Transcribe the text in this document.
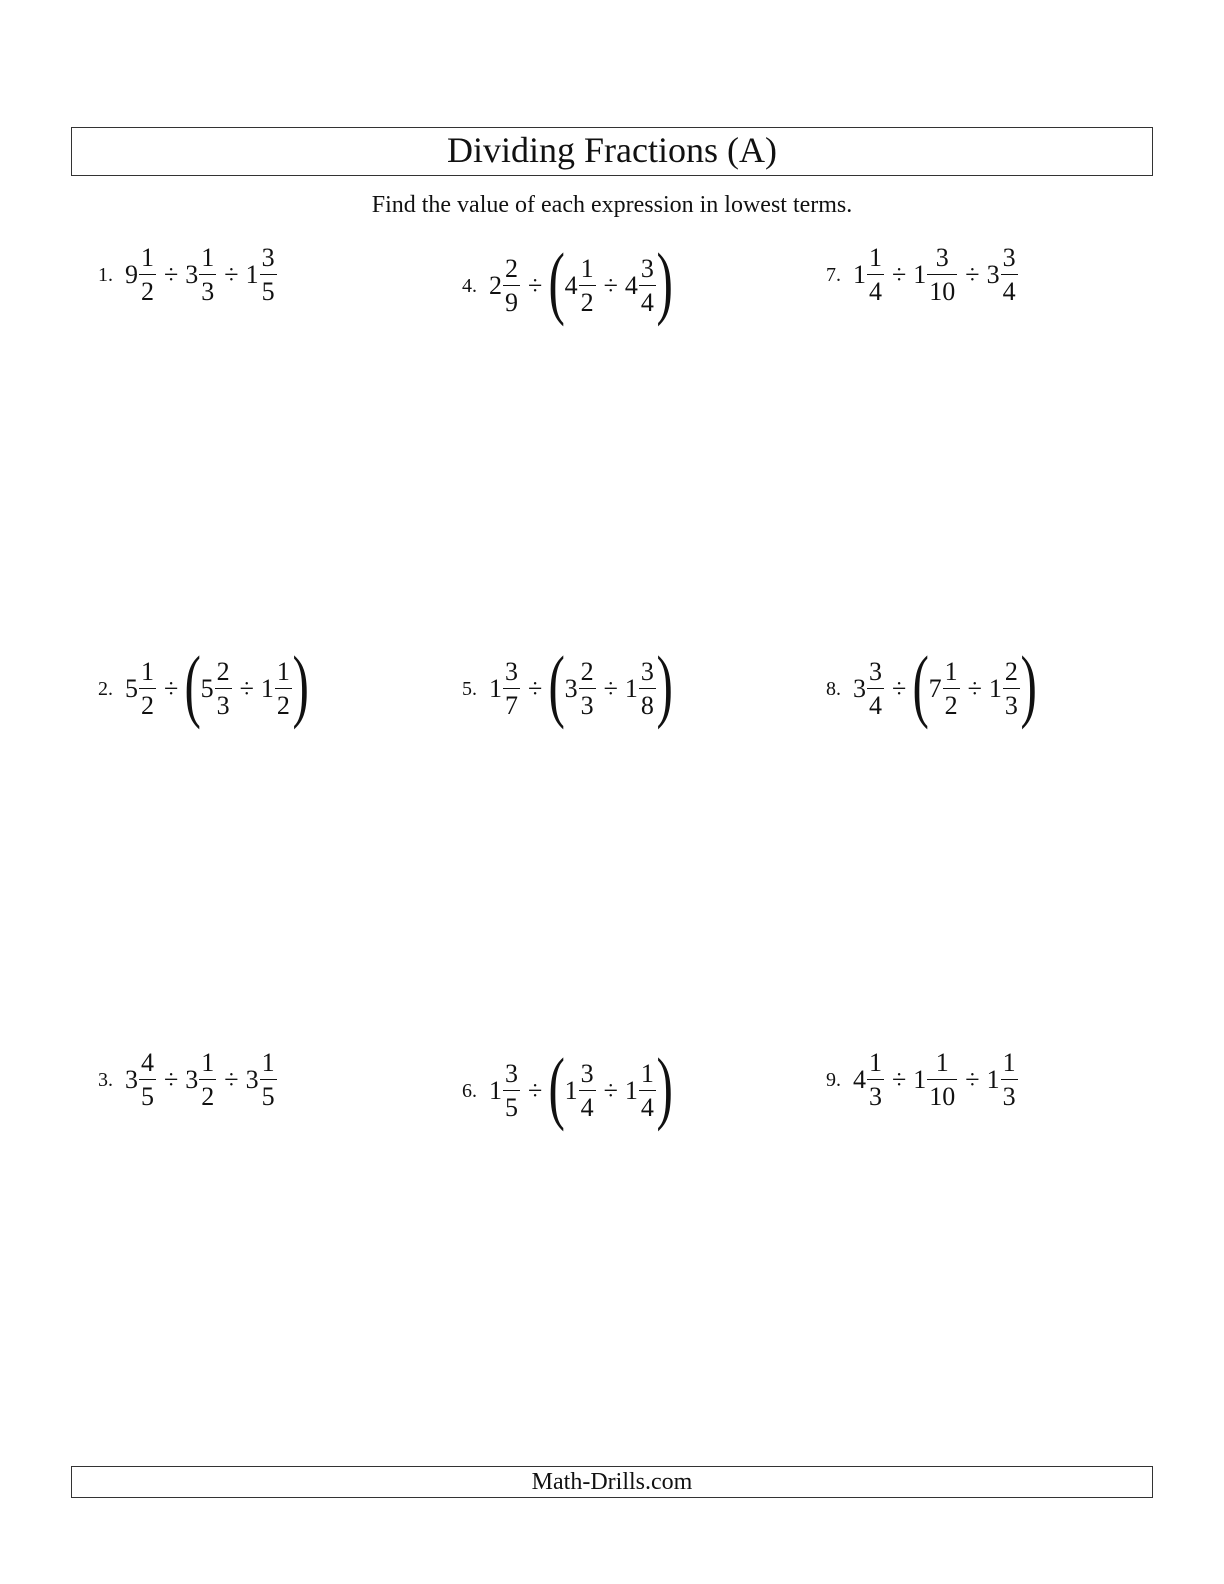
Dividing Fractions (A)
Find the value of each expression in lowest terms.
1. $9 \frac{1}{2} \div 3 \frac{1}{3} \div 1 \frac{3}{5}$
2. $5 \frac{1}{2}$ ÷ ( $5 \frac{2}{3} \div 1 \frac{1}{2}$ )
3. $3 \frac{4}{5} \div 3 \frac{1}{2} \div 3 \frac{1}{5}$
4. $2 \frac{2}{9}$ ÷ ( $4 \frac{1}{2} \div 4 \frac{3}{4}$ )
5. $1 \frac{3}{7}$ ÷ ( $3 \frac{2}{3} \div 1 \frac{3}{8}$ )
6. $1 \frac{3}{5}$ ÷ ( $1 \frac{3}{4} \div 1 \frac{1}{4}$ )
7. $1 \frac{1}{4} \div 1 \frac{3}{10} \div 3 \frac{3}{4}$
8. $3 \frac{3}{4}$ ÷ ( $7 \frac{1}{2} \div 1 \frac{2}{3}$ )
9. $4 \frac{1}{3} \div 1 \frac{1}{10} \div 1 \frac{1}{3}$
Math-Drills.com
